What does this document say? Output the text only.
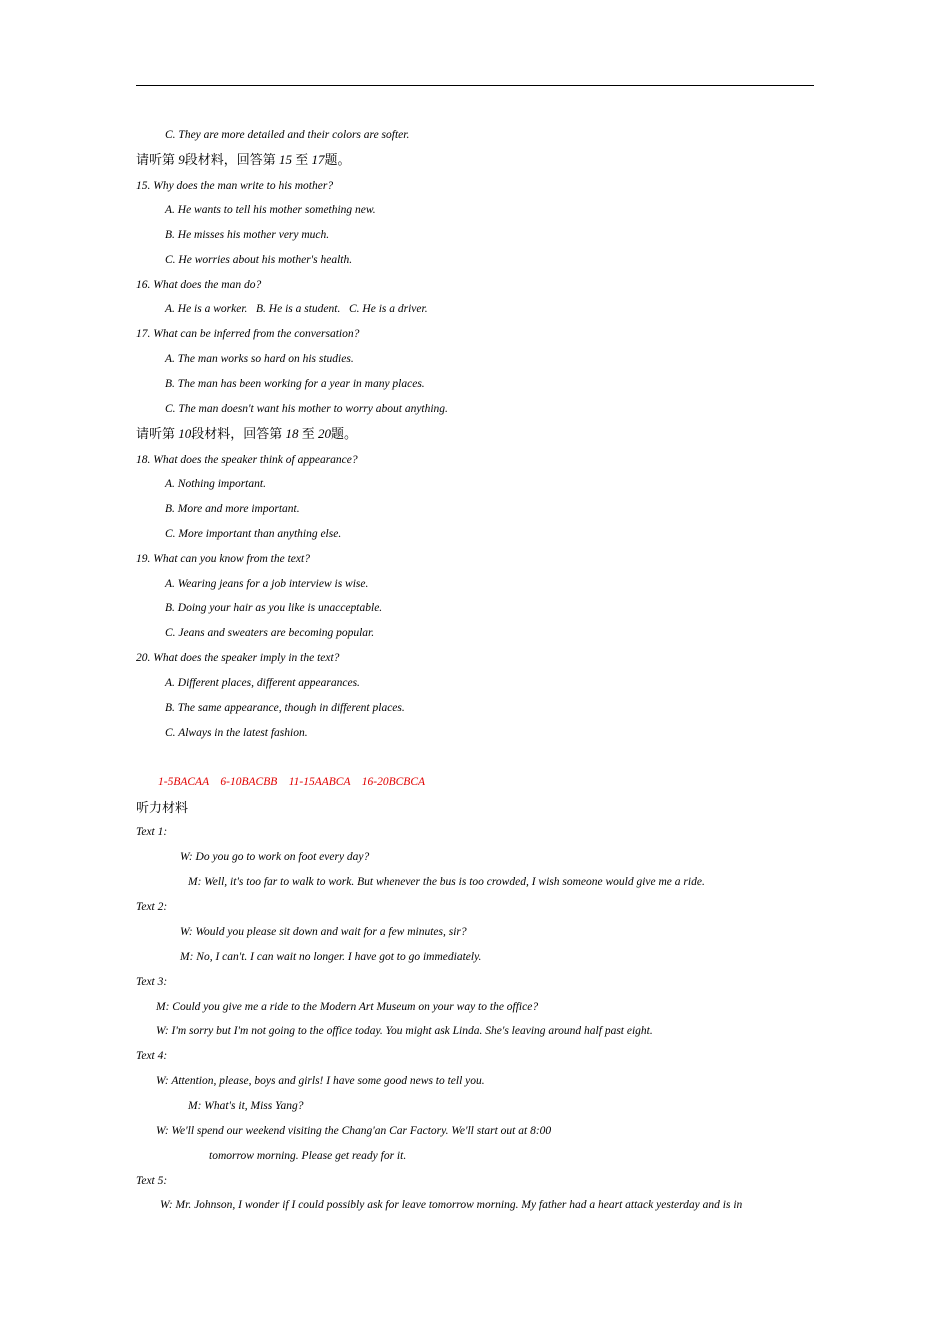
C. They are more detailed and their colors are softer.
请听第 9段材料，回答第 15 至 17题。
15. Why does the man write to his mother?
A. He wants to tell his mother something new.
B. He misses his mother very much.
C. He worries about his mother's health.
16. What does the man do?
A. He is a worker.   B. He is a student.   C. He is a driver.
17. What can be inferred from the conversation?
A. The man works so hard on his studies.
B. The man has been working for a year in many places.
C. The man doesn't want his mother to worry about anything.
请听第 10段材料，回答第 18 至 20题。
18. What does the speaker think of appearance?
A. Nothing important.
B. More and more important.
C. More important than anything else.
19. What can you know from the text?
A. Wearing jeans for a job interview is wise.
B. Doing your hair as you like is unacceptable.
C. Jeans and sweaters are becoming popular.
20. What does the speaker imply in the text?
A. Different places, different appearances.
B. The same appearance, though in different places.
C. Always in the latest fashion.
1-5BACAA    6-10BACBB    11-15AABCA    16-20BCBCA
听力材料
Text 1:
W: Do you go to work on foot every day?
M: Well, it's too far to walk to work. But whenever the bus is too crowded, I wish someone would give me a ride.
Text 2:
W: Would you please sit down and wait for a few minutes, sir?
M: No, I can't. I can wait no longer. I have got to go immediately.
Text 3:
M: Could you give me a ride to the Modern Art Museum on your way to the office?
W: I'm sorry but I'm not going to the office today. You might ask Linda. She's leaving around half past eight.
Text 4:
W: Attention, please, boys and girls! I have some good news to tell you.
M: What's it, Miss Yang?
W: We'll spend our weekend visiting the Chang'an Car Factory. We'll start out at 8:00
tomorrow morning. Please get ready for it.
Text 5:
W: Mr. Johnson, I wonder if I could possibly ask for leave tomorrow morning. My father had a heart attack yesterday and is in
